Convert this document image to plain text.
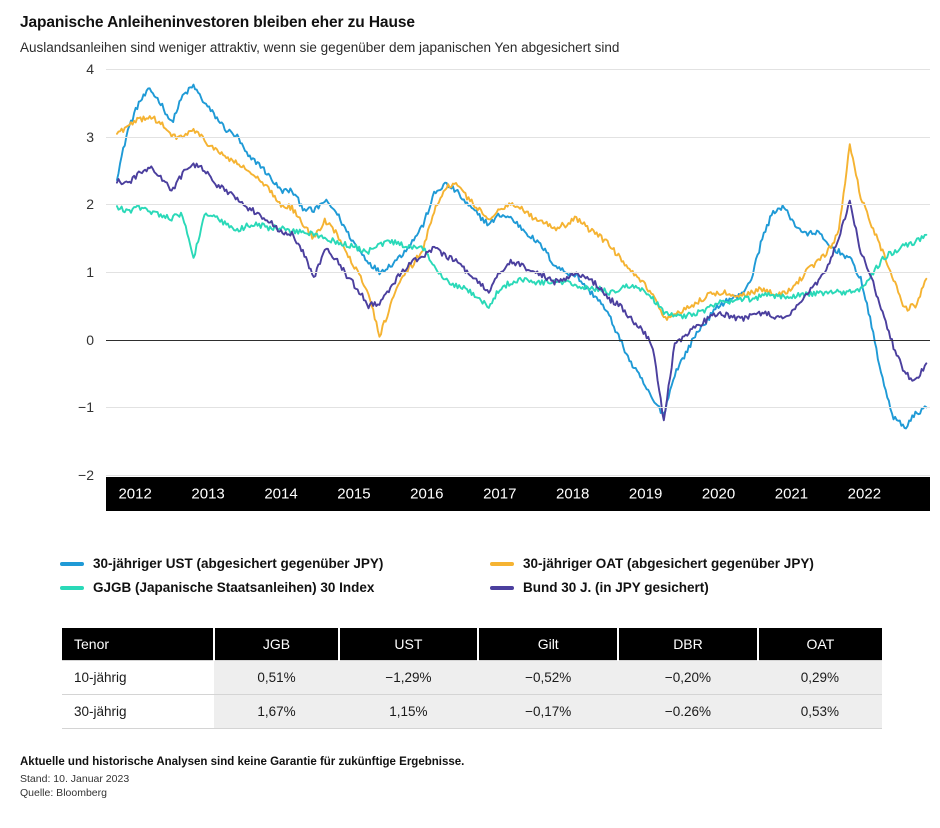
Japanische Anleiheninvestoren bleiben eher zu Hause
Auslandsanleihen sind weniger attraktiv, wenn sie gegenüber dem japanischen Yen abgesichert sind
4
3
2
1
0
−1
−2
2012	2013	2014	2015	2016	2017	2018	2019	2020	2021	2022
30-jähriger UST (abgesichert gegenüber JPY)	30-jähriger OAT (abgesichert gegenüber JPY)
GJGB (Japanische Staatsanleihen) 30 Index	Bund 30 J. (in JPY gesichert)
Tenor	JGB	UST	Gilt	DBR	OAT
10-jährig	0,51%	−1,29%	−0,52%	−0,20%	0,29%
30-jährig	1,67%	1,15%	−0,17%	−0.26%	0,53%
Aktuelle und historische Analysen sind keine Garantie für zukünftige Ergebnisse.
Stand: 10. Januar 2023
Quelle: Bloomberg
